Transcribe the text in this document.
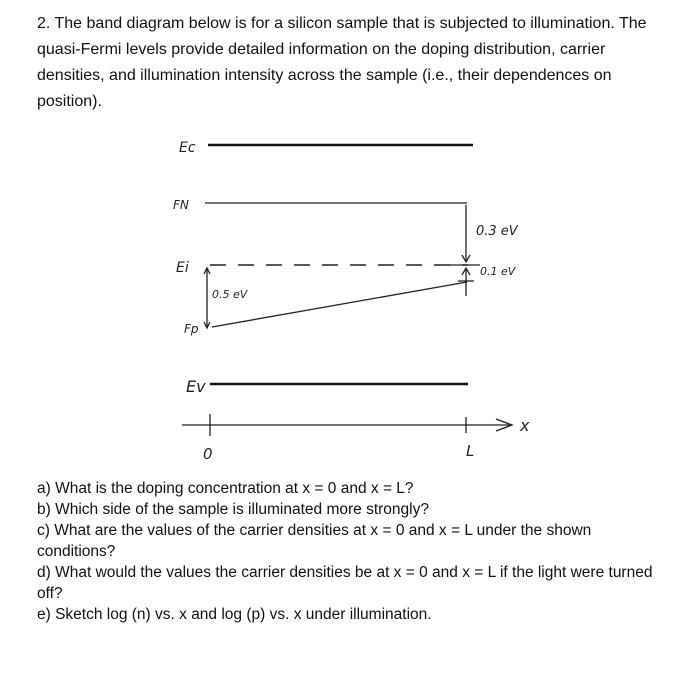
2. The band diagram below is for a silicon sample that is subjected to illumination. The quasi-Fermi levels provide detailed information on the doping distribution, carrier densities, and illumination intensity across the sample (i.e., their dependences on position).

Ec
FN
Ei
Fp
Ev
0.3 eV
0.1 eV
0.5 eV
x
0	L
a) What is the doping concentration at x = 0 and x = L?
b) Which side of the sample is illuminated more strongly?
c) What are the values of the carrier densities at x = 0 and x = L under the shown conditions?
d) What would the values the carrier densities be at x = 0 and x = L if the light were turned off?
e) Sketch log (n) vs. x and log (p) vs. x under illumination.
